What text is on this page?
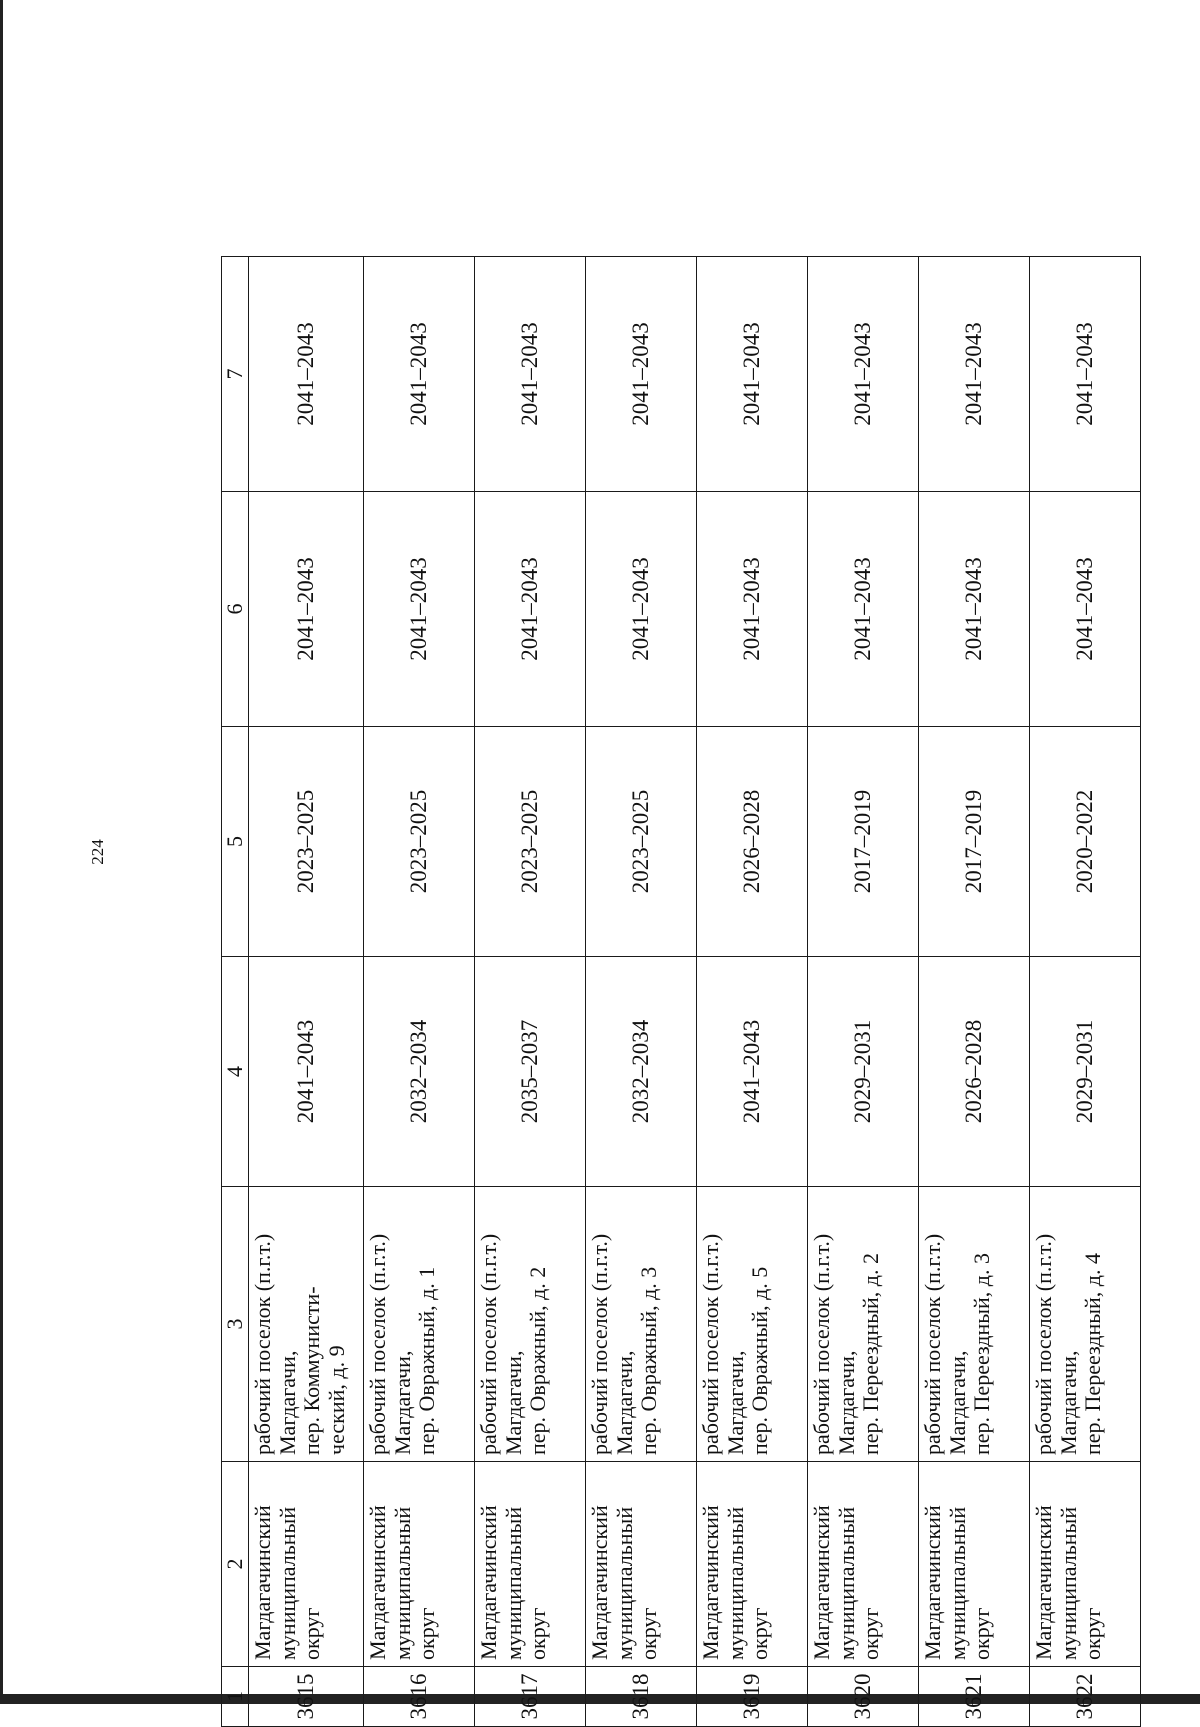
224
1	2	3	4	5	6	7
3615	Магдагачинский муниципальный округ	рабочий поселок (п.г.т.) Магдагачи, пер. Коммунисти- ческий, д. 9	2041–2043	2023–2025	2041–2043	2041–2043
3616	Магдагачинский муниципальный округ	рабочий поселок (п.г.т.) Магдагачи, пер. Овражный, д. 1	2032–2034	2023–2025	2041–2043	2041–2043
3617	Магдагачинский муниципальный округ	рабочий поселок (п.г.т.) Магдагачи, пер. Овражный, д. 2	2035–2037	2023–2025	2041–2043	2041–2043
3618	Магдагачинский муниципальный округ	рабочий поселок (п.г.т.) Магдагачи, пер. Овражный, д. 3	2032–2034	2023–2025	2041–2043	2041–2043
3619	Магдагачинский муниципальный округ	рабочий поселок (п.г.т.) Магдагачи, пер. Овражный, д. 5	2041–2043	2026–2028	2041–2043	2041–2043
3620	Магдагачинский муниципальный округ	рабочий поселок (п.г.т.) Магдагачи, пер. Переездный, д. 2	2029–2031	2017–2019	2041–2043	2041–2043
3621	Магдагачинский муниципальный округ	рабочий поселок (п.г.т.) Магдагачи, пер. Переездный, д. 3	2026–2028	2017–2019	2041–2043	2041–2043
3622	Магдагачинский муниципальный округ	рабочий поселок (п.г.т.) Магдагачи, пер. Переездный, д. 4	2029–2031	2020–2022	2041–2043	2041–2043
